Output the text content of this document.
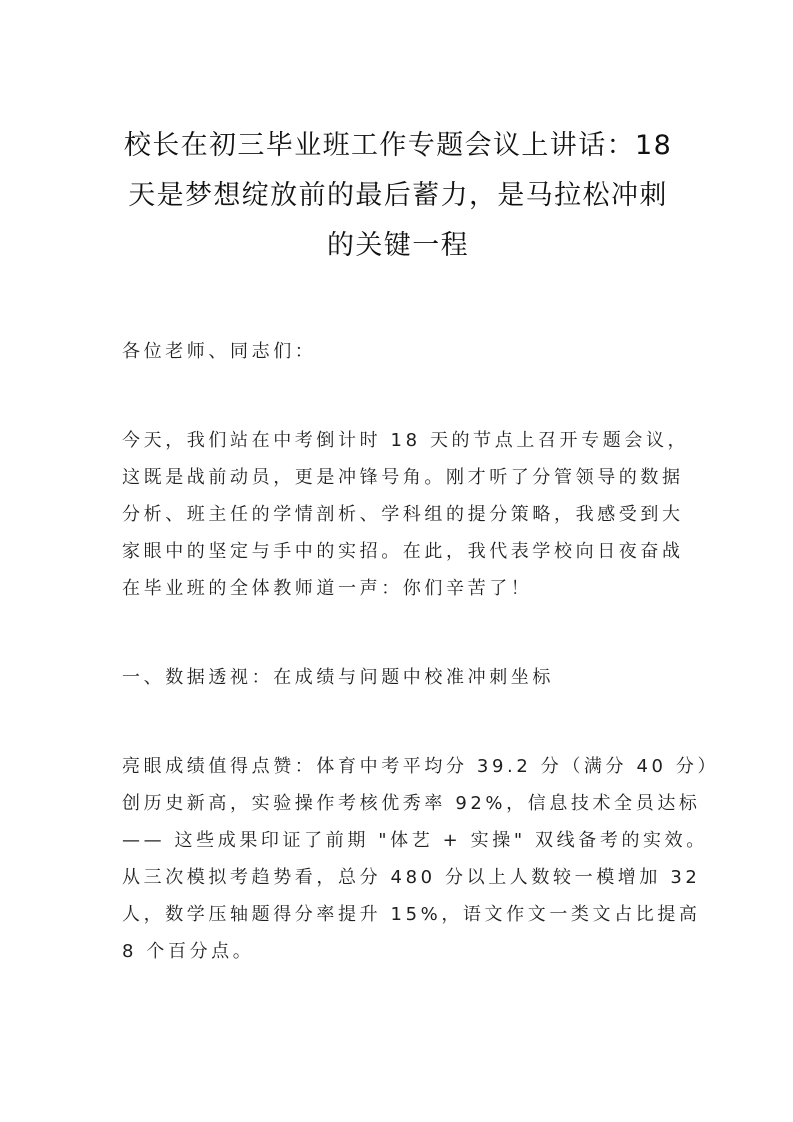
校长在初三毕业班工作专题会议上讲话：18
天是梦想绽放前的最后蓄力，是马拉松冲刺
的关键一程
各位老师、同志们：
今天，我们站在中考倒计时 18 天的节点上召开专题会议，
这既是战前动员，更是冲锋号角。刚才听了分管领导的数据
分析、班主任的学情剖析、学科组的提分策略，我感受到大
家眼中的坚定与手中的实招。在此，我代表学校向日夜奋战
在毕业班的全体教师道一声：你们辛苦了！
一、数据透视：在成绩与问题中校准冲刺坐标
亮眼成绩值得点赞：体育中考平均分 39.2 分（满分 40 分）
创历史新高，实验操作考核优秀率 92%，信息技术全员达标
—— 这些成果印证了前期 "体艺 + 实操" 双线备考的实效。
从三次模拟考趋势看，总分 480 分以上人数较一模增加 32
人，数学压轴题得分率提升 15%，语文作文一类文占比提高
8 个百分点。
